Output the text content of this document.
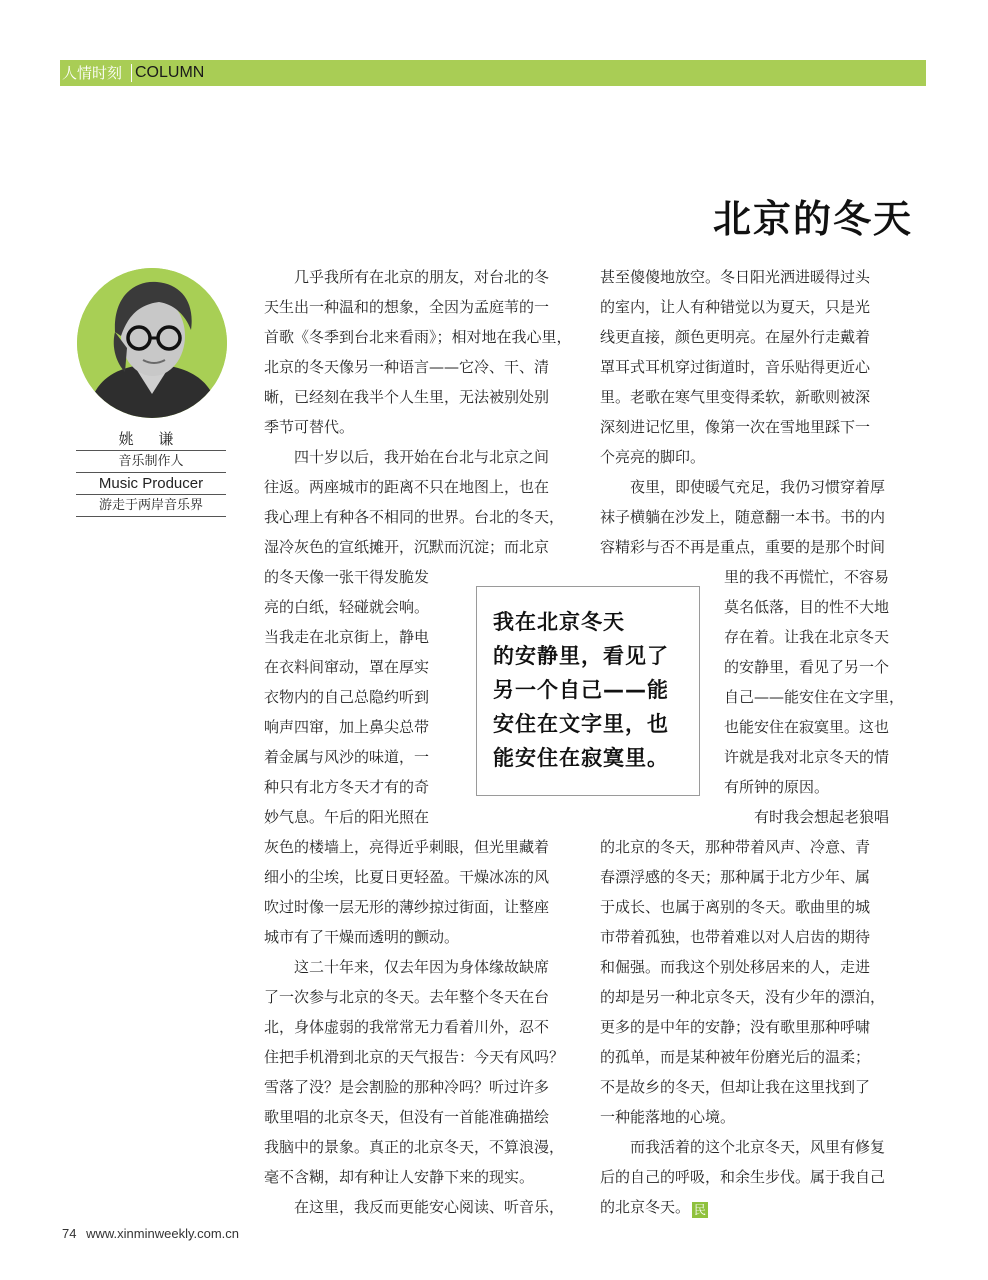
人情时刻 COLUMN
北京的冬天
姚 谦
音乐制作人
Music Producer
游走于两岸音乐界

　　几乎我所有在北京的朋友，对台北的冬
天生出一种温和的想象，全因为孟庭苇的一
首歌《冬季到台北来看雨》；相对地在我心里，
北京的冬天像另一种语言——它冷、干、清
晰，已经刻在我半个人生里，无法被别处别
季节可替代。

　　四十岁以后，我开始在台北与北京之间
往返。两座城市的距离不只在地图上，也在
我心理上有种各不相同的世界。台北的冬天，
湿冷灰色的宣纸摊开，沉默而沉淀；而北京

的冬天像一张干得发脆发
亮的白纸，轻碰就会响。
当我走在北京街上，静电
在衣料间窜动，罩在厚实
衣物内的自己总隐约听到
响声四窜，加上鼻尖总带
着金属与风沙的味道，一
种只有北方冬天才有的奇
妙气息。午后的阳光照在

灰色的楼墙上，亮得近乎刺眼，但光里藏着
细小的尘埃，比夏日更轻盈。干燥冰冻的风
吹过时像一层无形的薄纱掠过街面，让整座
城市有了干燥而透明的颤动。

　　这二十年来，仅去年因为身体缘故缺席
了一次参与北京的冬天。去年整个冬天在台
北，身体虚弱的我常常无力看着川外，忍不
住把手机滑到北京的天气报告：今天有风吗？
雪落了没？是会割脸的那种冷吗？听过许多
歌里唱的北京冬天，但没有一首能准确描绘
我脑中的景象。真正的北京冬天，不算浪漫，
毫不含糊，却有种让人安静下来的现实。

　　在这里，我反而更能安心阅读、听音乐，

甚至傻傻地放空。冬日阳光洒进暖得过头
的室内，让人有种错觉以为夏天，只是光
线更直接，颜色更明亮。在屋外行走戴着
罩耳式耳机穿过街道时，音乐贴得更近心
里。老歌在寒气里变得柔软，新歌则被深
深刻进记忆里，像第一次在雪地里踩下一
个亮亮的脚印。

　　夜里，即使暖气充足，我仍习惯穿着厚
袜子横躺在沙发上，随意翻一本书。书的内
容精彩与否不再是重点，重要的是那个时间

里的我不再慌忙，不容易
莫名低落，目的性不大地
存在着。让我在北京冬天
的安静里，看见了另一个
自己——能安住在文字里，
也能安住在寂寞里。这也
许就是我对北京冬天的情
有所钟的原因。

　　有时我会想起老狼唱

的北京的冬天，那种带着风声、冷意、青
春漂浮感的冬天；那种属于北方少年、属
于成长、也属于离别的冬天。歌曲里的城
市带着孤独，也带着难以对人启齿的期待
和倔强。而我这个别处移居来的人，走进
的却是另一种北京冬天，没有少年的漂泊，
更多的是中年的安静；没有歌里那种呼啸
的孤单，而是某种被年份磨光后的温柔；
不是故乡的冬天，但却让我在这里找到了
一种能落地的心境。

　　而我活着的这个北京冬天，风里有修复
后的自己的呼吸，和余生步伐。属于我自己
的北京冬天。 民

我在北京冬天
的安静里，看见了
另一个自己——能
安住在文字里，也
能安住在寂寞里。
74 www.xinminweekly.com.cn
